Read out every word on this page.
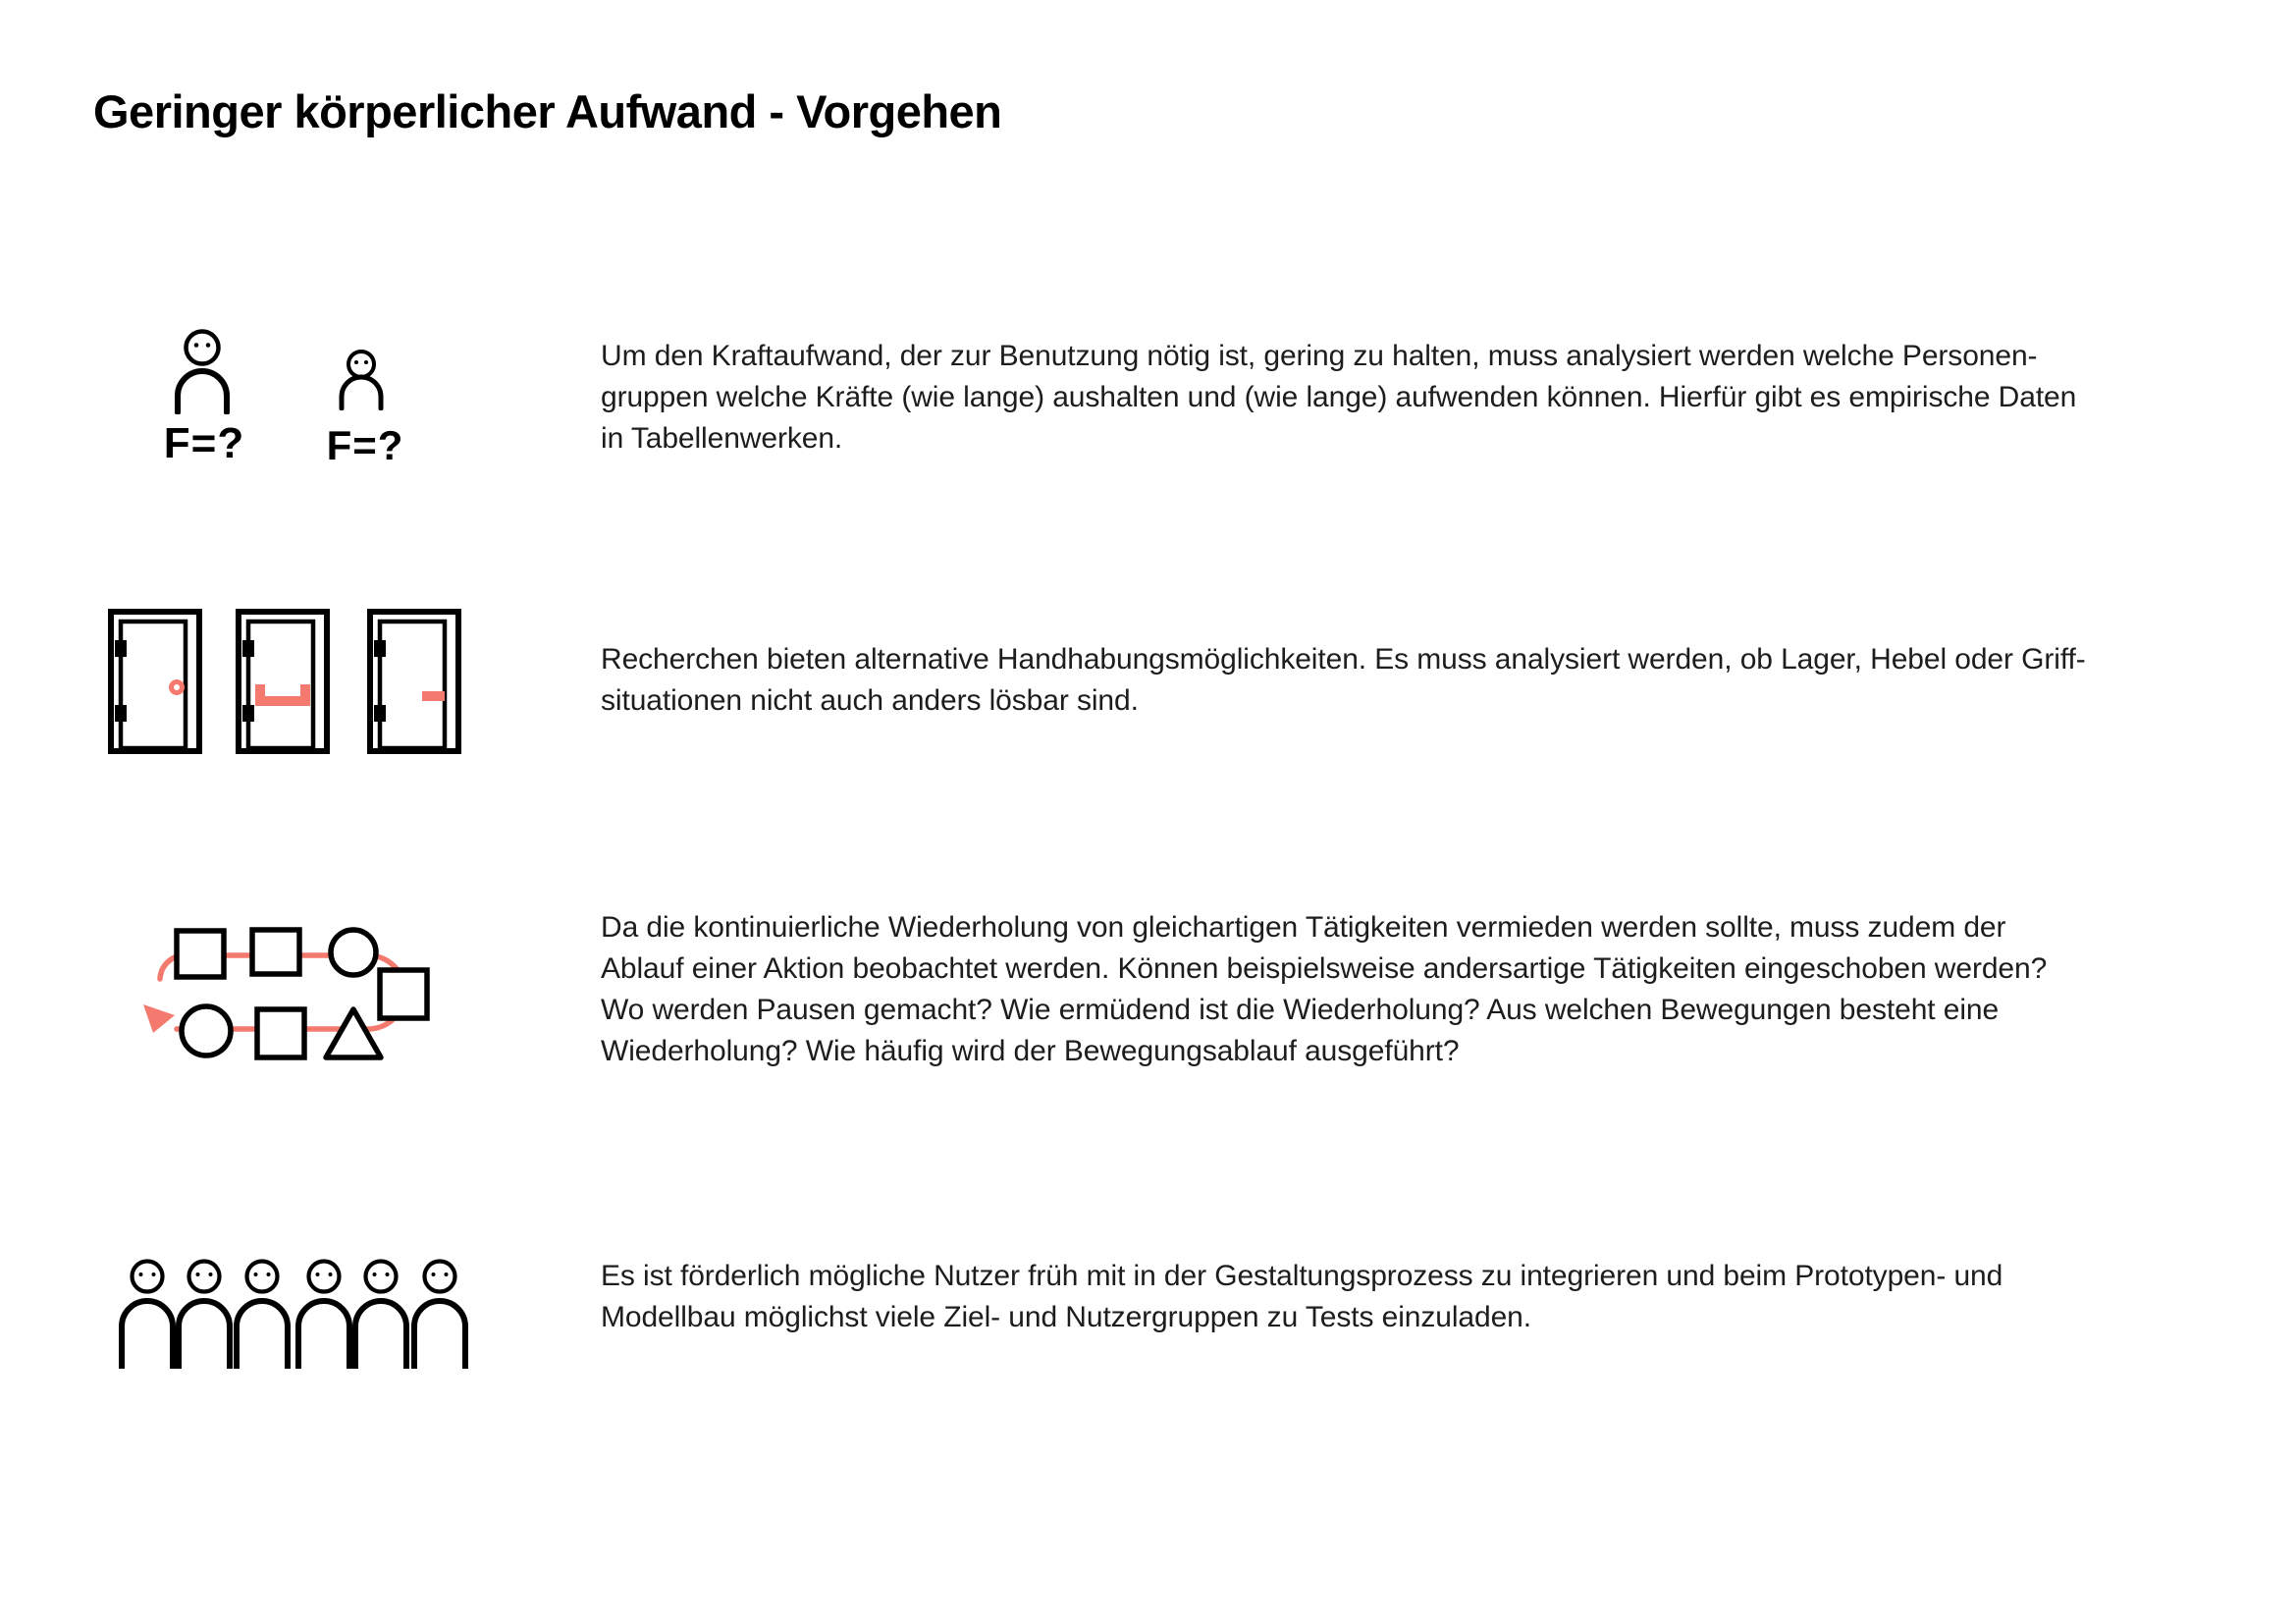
Geringer körperlicher Aufwand - Vorgehen
F=? F=?
Um den Kraftaufwand, der zur Benutzung nötig ist, gering zu halten, muss analysiert werden welche Personen-
gruppen welche Kräfte (wie lange) aushalten und (wie lange) aufwenden können. Hierfür gibt es empirische Daten
in Tabellenwerken.
Recherchen bieten alternative Handhabungsmöglichkeiten. Es muss analysiert werden, ob Lager, Hebel oder Griff-
situationen nicht auch anders lösbar sind.
Da die kontinuierliche Wiederholung von gleichartigen Tätigkeiten vermieden werden sollte, muss zudem der
Ablauf einer Aktion beobachtet werden. Können beispielsweise andersartige Tätigkeiten eingeschoben werden?
Wo werden Pausen gemacht? Wie ermüdend ist die Wiederholung? Aus welchen Bewegungen besteht eine
Wiederholung? Wie häufig wird der Bewegungsablauf ausgeführt?
Es ist förderlich mögliche Nutzer früh mit in der Gestaltungsprozess zu integrieren und beim Prototypen- und
Modellbau möglichst viele Ziel- und Nutzergruppen zu Tests einzuladen.
